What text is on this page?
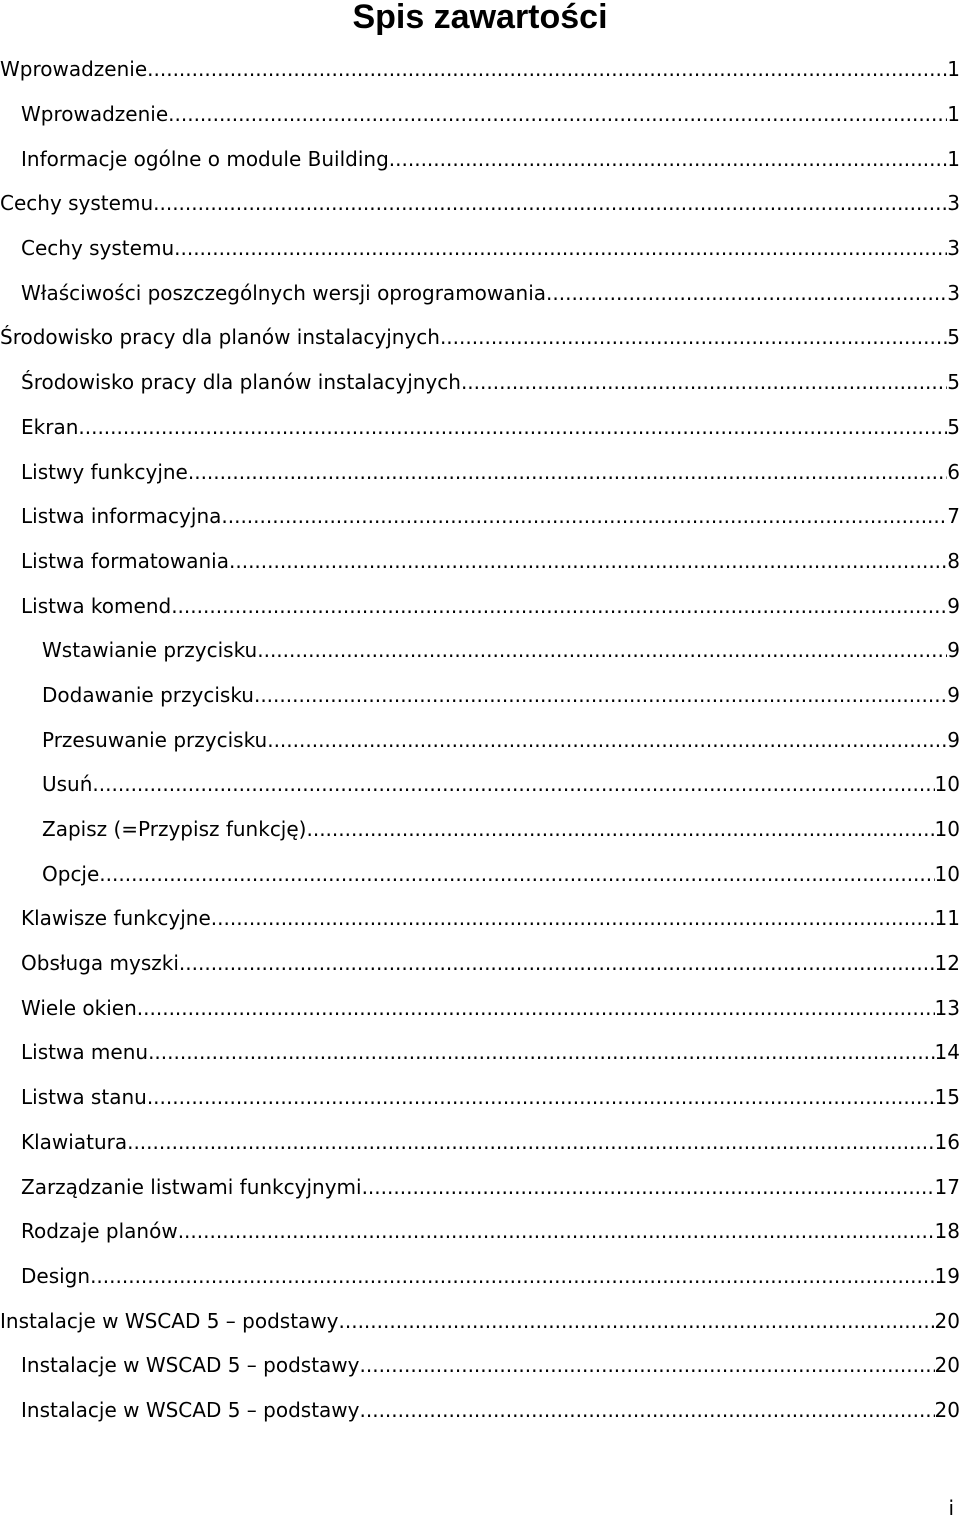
Spis zawartości
Wprowadzenie .....	1
Wprowadzenie .....	1
Informacje ogólne o module Building .....	1
Cechy systemu .....	3
Cechy systemu .....	3
Właściwości poszczególnych wersji oprogramowania .....	3
Środowisko pracy dla planów instalacyjnych .....	5
Środowisko pracy dla planów instalacyjnych .....	5
Ekran .....	5
Listwy funkcyjne .....	6
Listwa informacyjna .....	7
Listwa formatowania .....	8
Listwa komend .....	9
Wstawianie przycisku .....	9
Dodawanie przycisku .....	9
Przesuwanie przycisku .....	9
Usuń .....	10
Zapisz (=Przypisz funkcję) .....	10
Opcje .....	10
Klawisze funkcyjne .....	11
Obsługa myszki .....	12
Wiele okien .....	13
Listwa menu .....	14
Listwa stanu .....	15
Klawiatura .....	16
Zarządzanie listwami funkcyjnymi .....	17
Rodzaje planów .....	18
Design .....	19
Instalacje w WSCAD 5 – podstawy .....	20
Instalacje w WSCAD 5 – podstawy .....	20
Instalacje w WSCAD 5 – podstawy .....	20
i
